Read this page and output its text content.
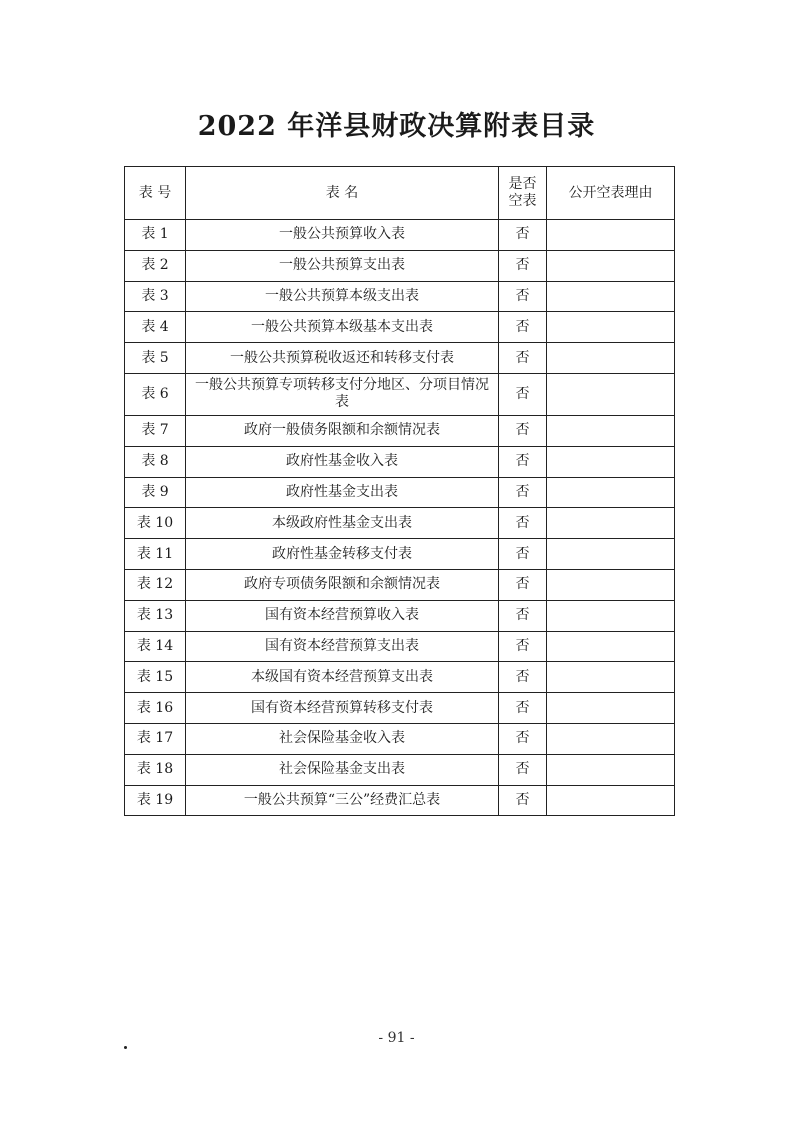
2022 年洋县财政决算附表目录
表 号	表 名	是否空表	公开空表理由
表 1	一般公共预算收入表	否	
表 2	一般公共预算支出表	否	
表 3	一般公共预算本级支出表	否	
表 4	一般公共预算本级基本支出表	否	
表 5	一般公共预算税收返还和转移支付表	否	
表 6	一般公共预算专项转移支付分地区、分项目情况表	否	
表 7	政府一般债务限额和余额情况表	否	
表 8	政府性基金收入表	否	
表 9	政府性基金支出表	否	
表 10	本级政府性基金支出表	否	
表 11	政府性基金转移支付表	否	
表 12	政府专项债务限额和余额情况表	否	
表 13	国有资本经营预算收入表	否	
表 14	国有资本经营预算支出表	否	
表 15	本级国有资本经营预算支出表	否	
表 16	国有资本经营预算转移支付表	否	
表 17	社会保险基金收入表	否	
表 18	社会保险基金支出表	否	
表 19	一般公共预算“三公”经费汇总表	否	
- 91 -
